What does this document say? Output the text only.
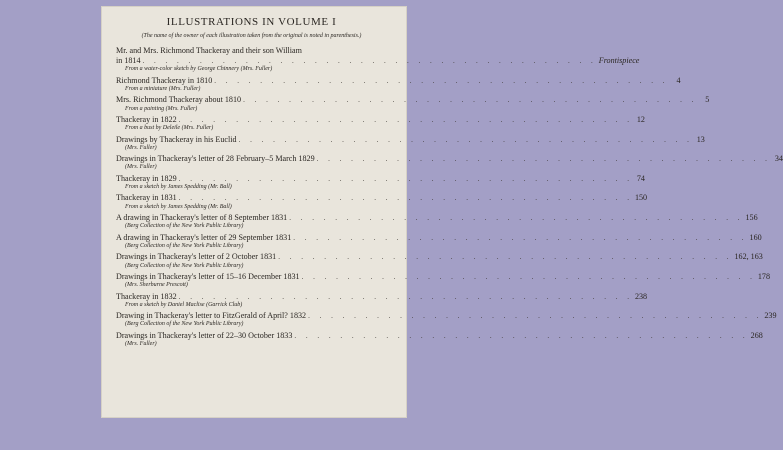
ILLUSTRATIONS IN VOLUME I

(The name of the owner of each illustration taken from the original is noted in parenthesis.)

Mr. and Mrs. Richmond Thackeray and their son William
in 1814 . . . . . . . . . . . . . . . . . . . . . . . . . . . . . . . . . . . . . . . . Frontispiece
From a water-color sketch by George Chinnery (Mrs. Fuller)
Richmond Thackeray in 1810 . . . . . . . . . . . . . . . . . . . . . . . . . . . . . . . . . . . . . . . . 4
From a miniature (Mrs. Fuller)
Mrs. Richmond Thackeray about 1810 . . . . . . . . . . . . . . . . . . . . . . . . . . . . . . . . . . . . . . . . 5
From a painting (Mrs. Fuller)
Thackeray in 1822 . . . . . . . . . . . . . . . . . . . . . . . . . . . . . . . . . . . . . . . . 12
From a bust by Deleile (Mrs. Fuller)
Drawings by Thackeray in his Euclid . . . . . . . . . . . . . . . . . . . . . . . . . . . . . . . . . . . . . . . . 13
(Mrs. Fuller)
Drawings in Thackeray's letter of 28 February–5 March 1829 . . . . . . . . . . . . . . . . . . . . . . . . . . . . . . . . . . . . . . . . 34
(Mrs. Fuller)
Thackeray in 1829 . . . . . . . . . . . . . . . . . . . . . . . . . . . . . . . . . . . . . . . . 74
From a sketch by James Spedding (Mr. Ball)
Thackeray in 1831 . . . . . . . . . . . . . . . . . . . . . . . . . . . . . . . . . . . . . . . . 150
From a sketch by James Spedding (Mr. Ball)
A drawing in Thackeray's letter of 8 September 1831 . . . . . . . . . . . . . . . . . . . . . . . . . . . . . . . . . . . . . . . . 156
(Berg Collection of the New York Public Library)
A drawing in Thackeray's letter of 29 September 1831 . . . . . . . . . . . . . . . . . . . . . . . . . . . . . . . . . . . . . . . . 160
(Berg Collection of the New York Public Library)
Drawings in Thackeray's letter of 2 October 1831 . . . . . . . . . . . . . . . . . . . . . . . . . . . . . . . . . . . . . . . . 162, 163
(Berg Collection of the New York Public Library)
Drawings in Thackeray's letter of 15–16 December 1831 . . . . . . . . . . . . . . . . . . . . . . . . . . . . . . . . . . . . . . . . 178
(Mrs. Sherburne Prescott)
Thackeray in 1832 . . . . . . . . . . . . . . . . . . . . . . . . . . . . . . . . . . . . . . . . 238
From a sketch by Daniel Maclise (Garrick Club)
Drawing in Thackeray's letter to FitzGerald of April? 1832 . . . . . . . . . . . . . . . . . . . . . . . . . . . . . . . . . . . . . . . . 239
(Berg Collection of the New York Public Library)
Drawings in Thackeray's letter of 22–30 October 1833 . . . . . . . . . . . . . . . . . . . . . . . . . . . . . . . . . . . . . . . . 268
(Mrs. Fuller)
